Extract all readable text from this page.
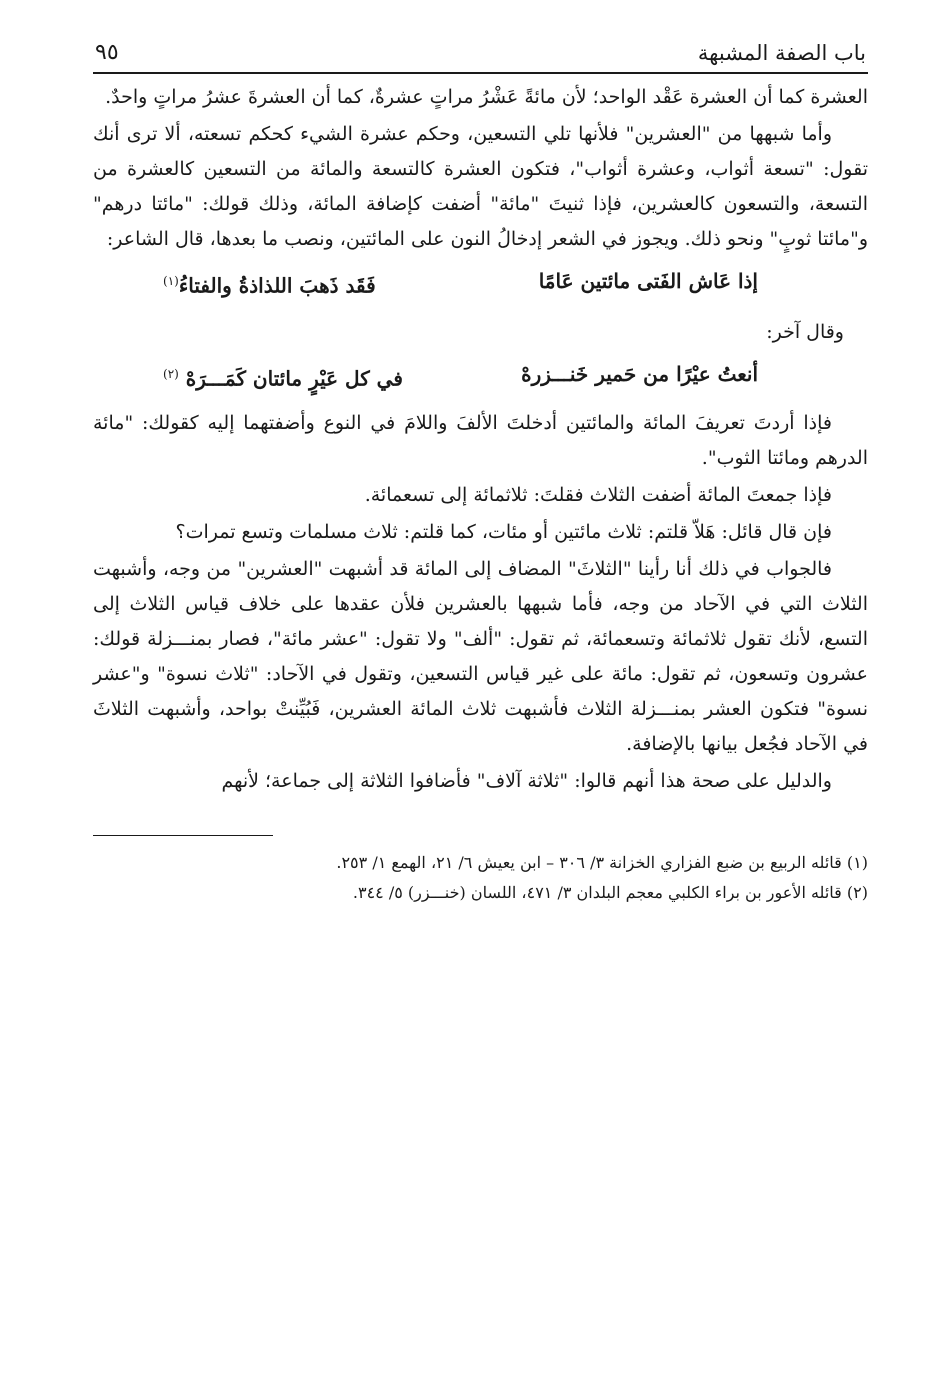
باب الصفة المشبهة
٩٥

العشرة كما أن العشرة عَقْد الواحد؛ لأن مائةً عَشْرُ مراتٍ عشرةٌ، كما أن العشرةَ عشرُ مراتٍ واحدٌ.

وأما شبهها من "العشرين" فلأنها تلي التسعين، وحكم عشرة الشيء كحكم تسعته، ألا ترى أنك تقول: "تسعة أثواب، وعشرة أثواب"، فتكون العشرة كالتسعة والمائة من التسعين كالعشرة من التسعة، والتسعون كالعشرين، فإذا ثنيتَ "مائة" أضفت كإضافة المائة، وذلك قولك: "مائتا درهم" و"مائتا ثوبٍ" ونحو ذلك. ويجوز في الشعر إدخالُ النون على المائتين، ونصب ما بعدها، قال الشاعر:

إذا عَاش الفَتى مائتين عَامًا
فَقَد ذَهبَ اللذاذةُ والفتاءُ$^{(١)}$

وقال آخر:

أنعتُ عيْرًا من حَمير خَنـــزرهْ
في كل عَيْرٍ مائتان كَمَـــرَهْ $^{(٢)}$

فإذا أردتَ تعريفَ المائة والمائتين أدخلتَ الألفَ واللامَ في النوع وأضفتهما إليه كقولك: "مائة الدرهم ومائتا الثوب".

فإذا جمعتَ المائة أضفت الثلاث فقلتَ: ثلاثمائة إلى تسعمائة.

فإن قال قائل: هَلاّ قلتم: ثلاث مائتين أو مئات، كما قلتم: ثلاث مسلمات وتسع تمرات؟

فالجواب في ذلك أنا رأينا "الثلاثَ" المضاف إلى المائة قد أشبهت "العشرين" من وجه، وأشبهت الثلاث التي في الآحاد من وجه، فأما شبهها بالعشرين فلأن عقدها على خلاف قياس الثلاث إلى التسع، لأنك تقول ثلاثمائة وتسعمائة، ثم تقول: "ألف" ولا تقول: "عشر مائة"، فصار بمنـــزلة قولك: عشرون وتسعون، ثم تقول: مائة على غير قياس التسعين، وتقول في الآحاد: "ثلاث نسوة" و"عشر نسوة" فتكون العشر بمنـــزلة الثلاث فأشبهت ثلاث المائة العشرين، فَبُيِّنتْ بواحد، وأشبهت الثلاثَ في الآحاد فجُعل بيانها بالإضافة.

والدليل على صحة هذا أنهم قالوا: "ثلاثة آلاف" فأضافوا الثلاثة إلى جماعة؛ لأنهم

(١) قائله الربيع بن ضبع الفزاري الخزانة ٣/ ٣٠٦ – ابن يعيش ٦/ ٢١، الهمع ١/ ٢٥٣.
(٢) قائله الأعور بن براء الكلبي معجم البلدان ٣/ ٤٧١، اللسان (خنـــزر) ٥/ ٣٤٤.
